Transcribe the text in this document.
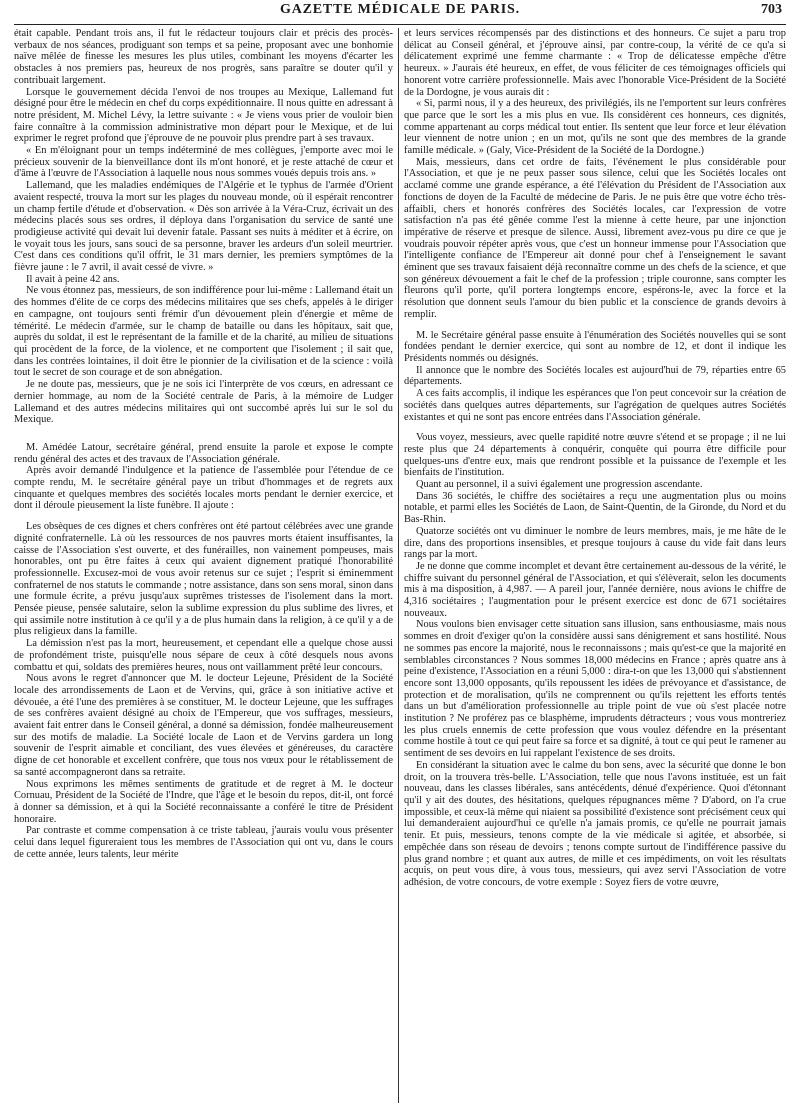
GAZETTE MÉDICALE DE PARIS.	703

était capable. Pendant trois ans, il fut le rédacteur toujours clair et précis des procès-verbaux de nos séances, prodiguant son temps et sa peine, proposant avec une bonhomie naïve mêlée de finesse les mesures les plus utiles, combinant les moyens d'écarter les obstacles à nos premiers pas, heureux de nos progrès, sans paraître se douter qu'il y contribuait largement.

Lorsque le gouvernement décida l'envoi de nos troupes au Mexique, Lallemand fut désigné pour être le médecin en chef du corps expéditionnaire. Il nous quitte en adressant à notre président, M. Michel Lévy, la lettre suivante : « Je viens vous prier de vouloir bien faire connaître à la commission administrative mon départ pour le Mexique, et de lui exprimer le regret profond que j'éprouve de ne pouvoir plus prendre part à ses travaux.

« En m'éloignant pour un temps indéterminé de mes collègues, j'emporte avec moi le précieux souvenir de la bienveillance dont ils m'ont honoré, et je reste attaché de cœur et d'âme à l'œuvre de l'Association à laquelle nous nous sommes voués depuis trois ans. »

Lallemand, que les maladies endémiques de l'Algérie et le typhus de l'armée d'Orient avaient respecté, trouva la mort sur les plages du nouveau monde, où il espérait rencontrer un champ fertile d'étude et d'observation. « Dès son arrivée à la Véra-Cruz, écrivait un des médecins placés sous ses ordres, il déploya dans l'organisation du service de santé une prodigieuse activité qui devait lui devenir fatale. Passant ses nuits à méditer et à écrire, on le voyait tous les jours, sans souci de sa personne, braver les ardeurs d'un soleil meurtrier. C'est dans ces conditions qu'il offrit, le 31 mars dernier, les premiers symptômes de la fièvre jaune : le 7 avril, il avait cessé de vivre. »

Il avait à peine 42 ans.

Ne vous étonnez pas, messieurs, de son indifférence pour lui-même : Lallemand était un des hommes d'élite de ce corps des médecins militaires que ses chefs, appelés à le diriger en campagne, ont toujours senti frémir d'un dévouement plein d'énergie et même de témérité. Le médecin d'armée, sur le champ de bataille ou dans les hôpitaux, sait que, auprès du soldat, il est le représentant de la famille et de la charité, au milieu de situations qui procèdent de la force, de la violence, et ne comportent que l'isolement ; il sait que, dans les contrées lointaines, il doit être le pionnier de la civilisation et de la science : voilà tout le secret de son courage et de son abnégation.

Je ne doute pas, messieurs, que je ne sois ici l'interprète de vos cœurs, en adressant ce dernier hommage, au nom de la Société centrale de Paris, à la mémoire de Ludger Lallemand et des autres médecins militaires qui ont succombé après lui sur le sol du Mexique.

M. Amédée Latour, secrétaire général, prend ensuite la parole et expose le compte rendu général des actes et des travaux de l'Association générale.

Après avoir demandé l'indulgence et la patience de l'assemblée pour l'étendue de ce compte rendu, M. le secrétaire général paye un tribut d'hommages et de regrets aux cinquante et quelques membres des sociétés locales morts pendant le dernier exercice, et dont il déroule pieusement la liste funèbre. Il ajoute :

Les obsèques de ces dignes et chers confrères ont été partout célébrées avec une grande dignité confraternelle. Là où les ressources de nos pauvres morts étaient insuffisantes, la caisse de l'Association s'est ouverte, et des funérailles, non vainement pompeuses, mais honorables, ont pu être faites à ceux qui avaient dignement pratiqué l'honorabilité professionnelle. Excusez-moi de vous avoir retenus sur ce sujet ; l'esprit si éminemment confraternel de nos statuts le commande ; notre assistance, dans son sens moral, sinon dans une formule écrite, a prévu jusqu'aux suprêmes tristesses de l'isolement dans la mort. Pensée pieuse, pensée salutaire, selon la sublime expression du plus sublime des livres, et qui assimile notre institution à ce qu'il y a de plus humain dans la religion, à ce qu'il y a de plus religieux dans la famille.

La démission n'est pas la mort, heureusement, et cependant elle a quelque chose aussi de profondément triste, puisqu'elle nous sépare de ceux à côté desquels nous avons combattu et qui, soldats des premières heures, nous ont vaillamment prêté leur concours.

Nous avons le regret d'annoncer que M. le docteur Lejeune, Président de la Société locale des arrondissements de Laon et de Vervins, qui, grâce à son initiative active et dévouée, a été l'une des premières à se constituer, M. le docteur Lejeune, que les suffrages de ses confrères avaient désigné au choix de l'Empereur, que vos suffrages, messieurs, avaient fait entrer dans le Conseil général, a donné sa démission, fondée malheureusement sur des motifs de maladie. La Société locale de Laon et de Vervins gardera un long souvenir de l'esprit aimable et conciliant, des vues élevées et généreuses, du caractère digne de cet honorable et excellent confrère, que tous nos vœux pour le rétablissement de sa santé accompagneront dans sa retraite.

Nous exprimons les mêmes sentiments de gratitude et de regret à M. le docteur Cornuau, Président de la Société de l'Indre, que l'âge et le besoin du repos, dit-il, ont forcé à donner sa démission, et à qui la Société reconnaissante a conféré le titre de Président honoraire.

Par contraste et comme compensation à ce triste tableau, j'aurais voulu vous présenter celui dans lequel figureraient tous les membres de l'Association qui ont vu, dans le cours de cette année, leurs talents, leur mérite

et leurs services récompensés par des distinctions et des honneurs. Ce sujet a paru trop délicat au Conseil général, et j'éprouve ainsi, par contre-coup, la vérité de ce qu'a si délicatement exprimé une femme charmante : « Trop de délicatesse empêche d'être heureux. » J'aurais été heureux, en effet, de vous féliciter de ces témoignages officiels qui honorent votre carrière professionnelle. Mais avec l'honorable Vice-Président de la Société de la Dordogne, je vous aurais dit :

« Si, parmi nous, il y a des heureux, des privilégiés, ils ne l'emportent sur leurs confrères que parce que le sort les a mis plus en vue. Ils considèrent ces honneurs, ces dignités, comme appartenant au corps médical tout entier. Ils sentent que leur force et leur élévation leur viennent de notre union ; en un mot, qu'ils ne sont que des membres de la grande famille médicale. » (Galy, Vice-Président de la Société de la Dordogne.)

Mais, messieurs, dans cet ordre de faits, l'événement le plus considérable pour l'Association, et que je ne peux passer sous silence, celui que les Sociétés locales ont acclamé comme une grande espérance, a été l'élévation du Président de l'Association aux fonctions de doyen de la Faculté de médecine de Paris. Je ne puis être que votre écho très-affaibli, chers et honorés confrères des Sociétés locales, car l'expression de votre satisfaction n'a pas été gênée comme l'est la mienne à cette heure, par une injonction impérative de réserve et presque de silence. Aussi, librement avez-vous pu dire ce que je voudrais pouvoir répéter après vous, que c'est un honneur immense pour l'Association que l'intelligente confiance de l'Empereur ait donné pour chef à l'enseignement le savant éminent que ses travaux faisaient déjà reconnaître comme un des chefs de la science, et que son généreux dévouement a fait le chef de la profession ; triple couronne, sans compter les fleurons qu'il porte, qu'il portera longtemps encore, espérons-le, avec la force et la résolution que donnent seuls l'amour du bien public et la conscience de grands devoirs à remplir.

M. le Secrétaire général passe ensuite à l'énumération des Sociétés nouvelles qui se sont fondées pendant le dernier exercice, qui sont au nombre de 12, et dont il indique les Présidents nommés ou désignés.

Il annonce que le nombre des Sociétés locales est aujourd'hui de 79, réparties entre 65 départements.

A ces faits accomplis, il indique les espérances que l'on peut concevoir sur la création de sociétés dans quelques autres départements, sur l'agrégation de quelques autres Sociétés existantes et qui ne sont pas encore entrées dans l'Association générale.

Vous voyez, messieurs, avec quelle rapidité notre œuvre s'étend et se propage ; il ne lui reste plus que 24 départements à conquérir, conquête qui pourra être difficile pour quelques-uns d'entre eux, mais que rendront possible et la puissance de l'exemple et les bienfaits de l'institution.

Quant au personnel, il a suivi également une progression ascendante.

Dans 36 sociétés, le chiffre des sociétaires a reçu une augmentation plus ou moins notable, et parmi elles les Sociétés de Laon, de Saint-Quentin, de la Gironde, du Nord et du Bas-Rhin.

Quatorze sociétés ont vu diminuer le nombre de leurs membres, mais, je me hâte de le dire, dans des proportions insensibles, et presque toujours à cause du vide fait dans leurs rangs par la mort.

Je ne donne que comme incomplet et devant être certainement au-dessous de la vérité, le chiffre suivant du personnel général de l'Association, et qui s'élèverait, selon les documents mis à ma disposition, à 4,987. — A pareil jour, l'année dernière, nous avions le chiffre de 4,316 sociétaires ; l'augmentation pour le présent exercice est donc de 671 sociétaires nouveaux.

Nous voulons bien envisager cette situation sans illusion, sans enthousiasme, mais nous sommes en droit d'exiger qu'on la considère aussi sans dénigrement et sans hostilité. Nous ne sommes pas encore la majorité, nous le reconnaissons ; mais qu'est-ce que la majorité en semblables circonstances ? Nous sommes 18,000 médecins en France ; après quatre ans à peine d'existence, l'Association en a réuni 5,000 : dira-t-on que les 13,000 qui s'abstiennent encore sont 13,000 opposants, qu'ils repoussent les idées de prévoyance et d'assistance, de protection et de moralisation, qu'ils ne comprennent ou qu'ils rejettent les efforts tentés dans un but d'amélioration professionnelle au triple point de vue où s'est placée notre institution ? Ne proférez pas ce blasphème, imprudents détracteurs ; vous vous montreriez les plus cruels ennemis de cette profession que vous voulez défendre en la présentant comme hostile à tout ce qui peut faire sa force et sa dignité, à tout ce qui peut le ramener au sentiment de ses devoirs en lui rappelant l'existence de ses droits.

En considérant la situation avec le calme du bon sens, avec la sécurité que donne le bon droit, on la trouvera très-belle. L'Association, telle que nous l'avons instituée, est un fait nouveau, dans les classes libérales, sans antécédents, dénué d'expérience. Quoi d'étonnant qu'il y ait des doutes, des hésitations, quelques répugnances même ? D'abord, on l'a crue impossible, et ceux-là même qui niaient sa possibilité d'existence sont précisément ceux qui lui demanderaient aujourd'hui ce qu'elle n'a jamais promis, ce qu'elle ne pourrait jamais tenir. Et puis, messieurs, tenons compte de la vie médicale si agitée, et absorbée, si empêchée dans son réseau de devoirs ; tenons compte surtout de l'indifférence passive du plus grand nombre ; et quant aux autres, de mille et ces impédiments, on voit les résultats acquis, on peut vous dire, à vous tous, messieurs, qui avez servi l'Association de votre adhésion, de votre concours, de votre exemple : Soyez fiers de votre œuvre,
